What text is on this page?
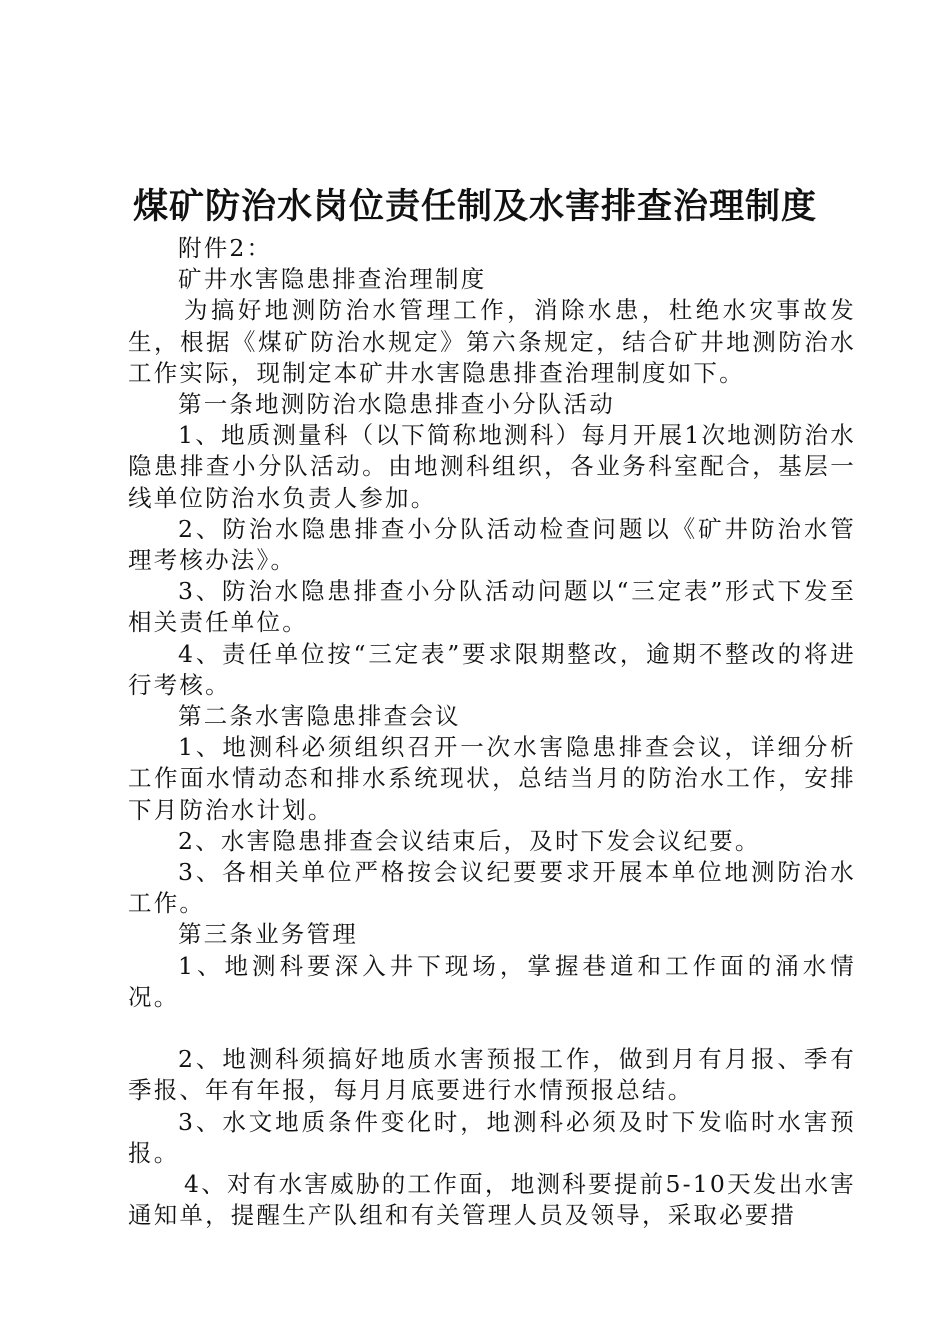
煤矿防治水岗位责任制及水害排查治理制度

附件2：

矿井水害隐患排查治理制度

为搞好地测防治水管理工作，消除水患，杜绝水灾事故发生，根据《煤矿防治水规定》第六条规定，结合矿井地测防治水工作实际，现制定本矿井水害隐患排查治理制度如下。

第一条地测防治水隐患排查小分队活动

1、地质测量科（以下简称地测科）每月开展1次地测防治水隐患排查小分队活动。由地测科组织，各业务科室配合，基层一线单位防治水负责人参加。

2、防治水隐患排查小分队活动检查问题以《矿井防治水管理考核办法》。

3、防治水隐患排查小分队活动问题以“三定表”形式下发至相关责任单位。

4、责任单位按“三定表”要求限期整改，逾期不整改的将进行考核。

第二条水害隐患排查会议

1、地测科必须组织召开一次水害隐患排查会议，详细分析工作面水情动态和排水系统现状，总结当月的防治水工作，安排下月防治水计划。

2、水害隐患排查会议结束后，及时下发会议纪要。

3、各相关单位严格按会议纪要要求开展本单位地测防治水工作。

第三条业务管理

1、地测科要深入井下现场，掌握巷道和工作面的涌水情况。

2、地测科须搞好地质水害预报工作，做到月有月报、季有季报、年有年报，每月月底要进行水情预报总结。

3、水文地质条件变化时，地测科必须及时下发临时水害预报。

4、对有水害威胁的工作面，地测科要提前5-10天发出水害通知单，提醒生产队组和有关管理人员及领导，采取必要措
